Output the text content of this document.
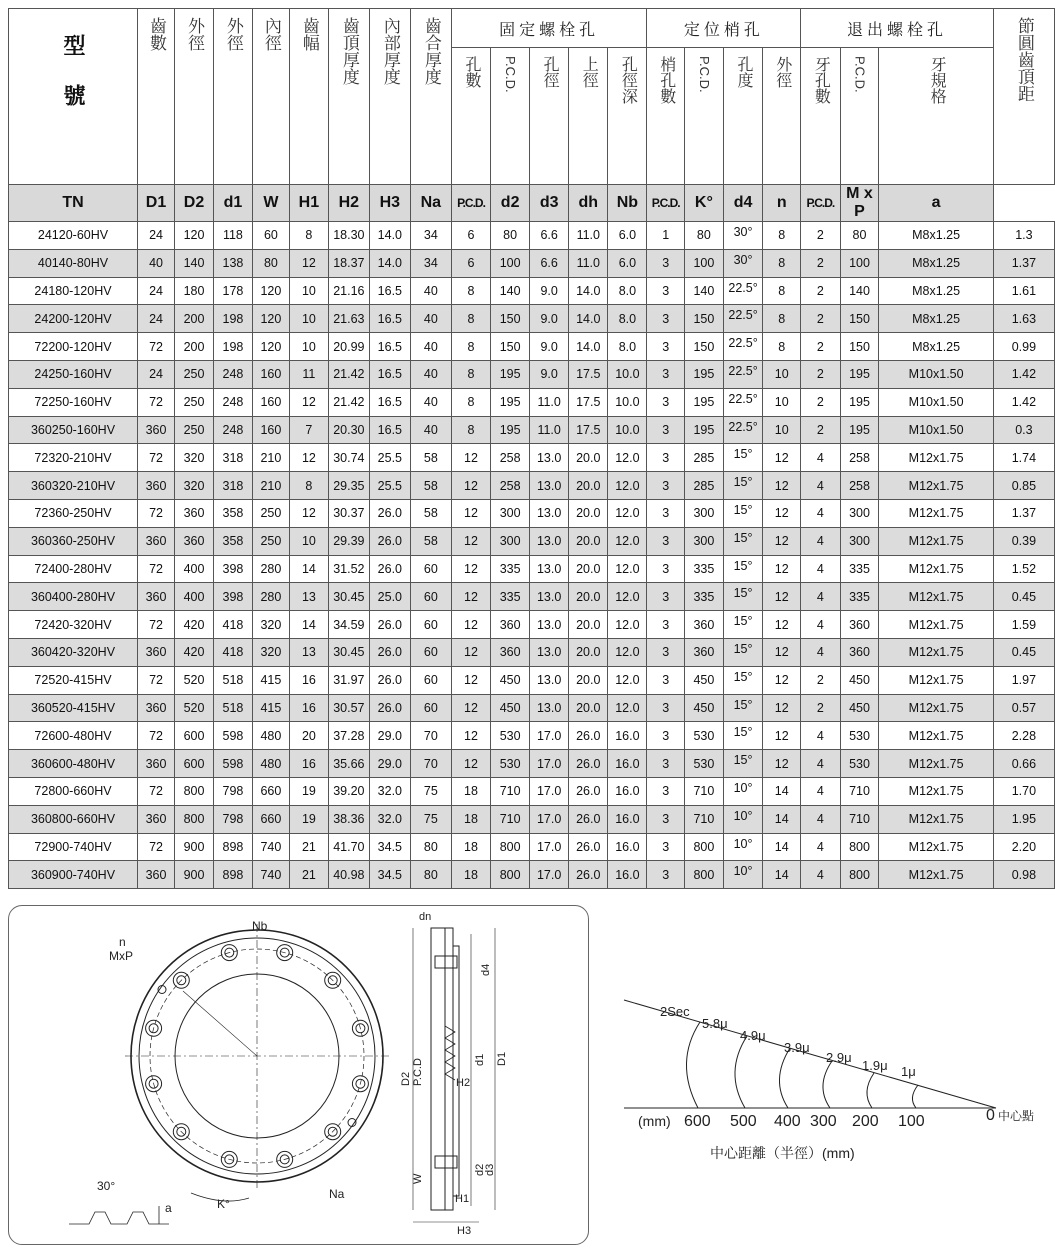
型號	齒數	外徑	外徑	內徑	齒幅	齒頂厚度	內部厚度	齒合厚度	固定螺栓孔					定位梢孔				退出螺栓孔			節圓齒頂距

									孔數	P.C.D.	孔徑	上徑	孔徑深	梢孔數	P.C.D.	孔度	外徑	牙孔數	P.C.D.	牙規格	

TN	D1	D2	d1	W	H1	H2	H3	Na	P.C.D.	d2	d3	dh	Nb	P.C.D.	K°	d4	n	P.C.D.	M x P	a	
24120-60HV	24	120	118	60	8	18.30	14.0	34	6	80	6.6	11.0	6.0	1	80	30°	8	2	80	M8x1.25	1.3
40140-80HV	40	140	138	80	12	18.37	14.0	34	6	100	6.6	11.0	6.0	3	100	30°	8	2	100	M8x1.25	1.37
24180-120HV	24	180	178	120	10	21.16	16.5	40	8	140	9.0	14.0	8.0	3	140	22.5°	8	2	140	M8x1.25	1.61
24200-120HV	24	200	198	120	10	21.63	16.5	40	8	150	9.0	14.0	8.0	3	150	22.5°	8	2	150	M8x1.25	1.63
72200-120HV	72	200	198	120	10	20.99	16.5	40	8	150	9.0	14.0	8.0	3	150	22.5°	8	2	150	M8x1.25	0.99
24250-160HV	24	250	248	160	11	21.42	16.5	40	8	195	9.0	17.5	10.0	3	195	22.5°	10	2	195	M10x1.50	1.42
72250-160HV	72	250	248	160	12	21.42	16.5	40	8	195	11.0	17.5	10.0	3	195	22.5°	10	2	195	M10x1.50	1.42
360250-160HV	360	250	248	160	7	20.30	16.5	40	8	195	11.0	17.5	10.0	3	195	22.5°	10	2	195	M10x1.50	0.3
72320-210HV	72	320	318	210	12	30.74	25.5	58	12	258	13.0	20.0	12.0	3	285	15°	12	4	258	M12x1.75	1.74
360320-210HV	360	320	318	210	8	29.35	25.5	58	12	258	13.0	20.0	12.0	3	285	15°	12	4	258	M12x1.75	0.85
72360-250HV	72	360	358	250	12	30.37	26.0	58	12	300	13.0	20.0	12.0	3	300	15°	12	4	300	M12x1.75	1.37
360360-250HV	360	360	358	250	10	29.39	26.0	58	12	300	13.0	20.0	12.0	3	300	15°	12	4	300	M12x1.75	0.39
72400-280HV	72	400	398	280	14	31.52	26.0	60	12	335	13.0	20.0	12.0	3	335	15°	12	4	335	M12x1.75	1.52
360400-280HV	360	400	398	280	13	30.45	25.0	60	12	335	13.0	20.0	12.0	3	335	15°	12	4	335	M12x1.75	0.45
72420-320HV	72	420	418	320	14	34.59	26.0	60	12	360	13.0	20.0	12.0	3	360	15°	12	4	360	M12x1.75	1.59
360420-320HV	360	420	418	320	13	30.45	26.0	60	12	360	13.0	20.0	12.0	3	360	15°	12	4	360	M12x1.75	0.45
72520-415HV	72	520	518	415	16	31.97	26.0	60	12	450	13.0	20.0	12.0	3	450	15°	12	2	450	M12x1.75	1.97
360520-415HV	360	520	518	415	16	30.57	26.0	60	12	450	13.0	20.0	12.0	3	450	15°	12	2	450	M12x1.75	0.57
72600-480HV	72	600	598	480	20	37.28	29.0	70	12	530	17.0	26.0	16.0	3	530	15°	12	4	530	M12x1.75	2.28
360600-480HV	360	600	598	480	16	35.66	29.0	70	12	530	17.0	26.0	16.0	3	530	15°	12	4	530	M12x1.75	0.66
72800-660HV	72	800	798	660	19	39.20	32.0	75	18	710	17.0	26.0	16.0	3	710	10°	14	4	710	M12x1.75	1.70
360800-660HV	360	800	798	660	19	38.36	32.0	75	18	710	17.0	26.0	16.0	3	710	10°	14	4	710	M12x1.75	1.95
72900-740HV	72	900	898	740	21	41.70	34.5	80	18	800	17.0	26.0	16.0	3	800	10°	14	4	800	M12x1.75	2.20
360900-740HV	360	900	898	740	21	40.98	34.5	80	18	800	17.0	26.0	16.0	3	800	10°	14	4	800	M12x1.75	0.98
n
MxP
Nb
Na
K°
30°
a
dn
d4
D2 P.C.D	d1 D1
H2
W
d2
d3
H1
H3
2Sec
5.8μ
4.9μ
3.9μ
2.9μ
1.9μ 1μ
(mm) 600 500 400 300 200 100	0 中心點
中心距離（半徑）(mm)
